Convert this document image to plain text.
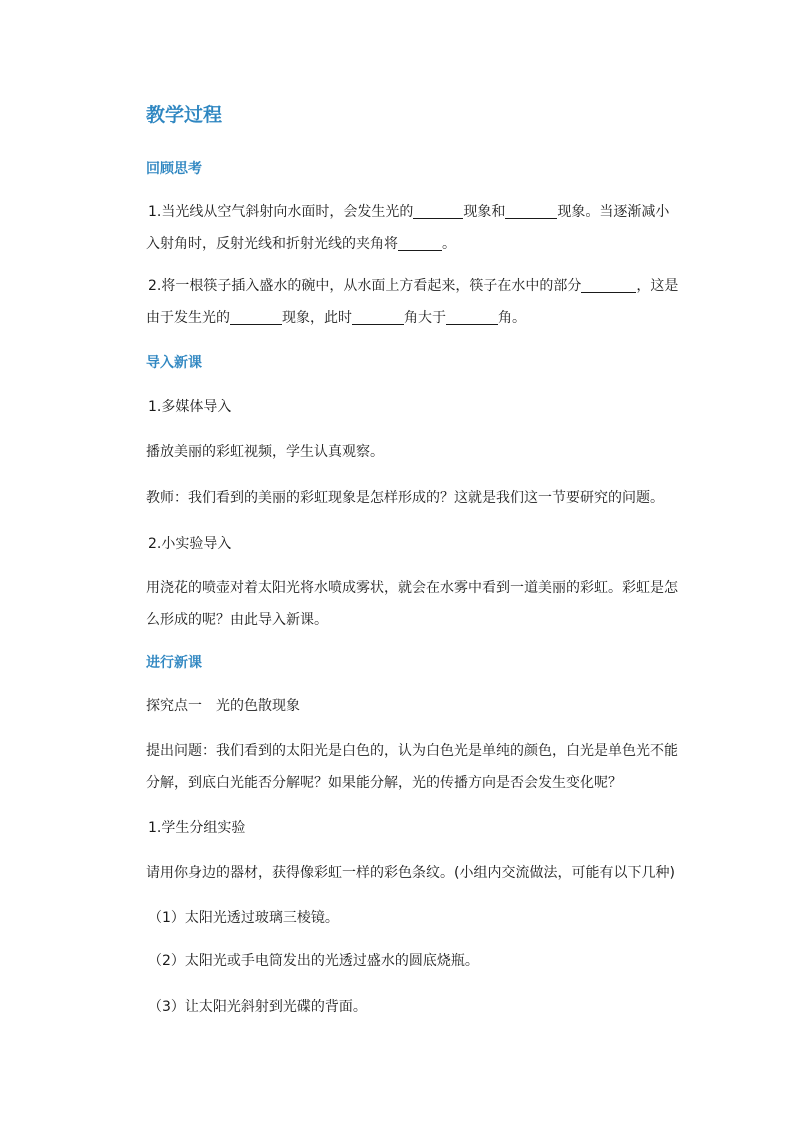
教学过程
回顾思考
1.当光线从空气斜射向水面时，会发生光的	现象和	现象。当逐渐减小
入射角时，反射光线和折射光线的夹角将	。
2.将一根筷子插入盛水的碗中，从水面上方看起来，筷子在水中的部分	，这是
由于发生光的	现象，此时	角大于	角。
导入新课
1.多媒体导入
播放美丽的彩虹视频，学生认真观察。
教师：我们看到的美丽的彩虹现象是怎样形成的？这就是我们这一节要研究的问题。
2.小实验导入
用浇花的喷壶对着太阳光将水喷成雾状，就会在水雾中看到一道美丽的彩虹。彩虹是怎
么形成的呢？由此导入新课。
进行新课
探究点一　光的色散现象
提出问题：我们看到的太阳光是白色的，认为白色光是单纯的颜色，白光是单色光不能
分解，到底白光能否分解呢？如果能分解，光的传播方向是否会发生变化呢？
1.学生分组实验
请用你身边的器材，获得像彩虹一样的彩色条纹。(小组内交流做法，可能有以下几种)
（1）太阳光透过玻璃三棱镜。
（2）太阳光或手电筒发出的光透过盛水的圆底烧瓶。
（3）让太阳光斜射到光碟的背面。
